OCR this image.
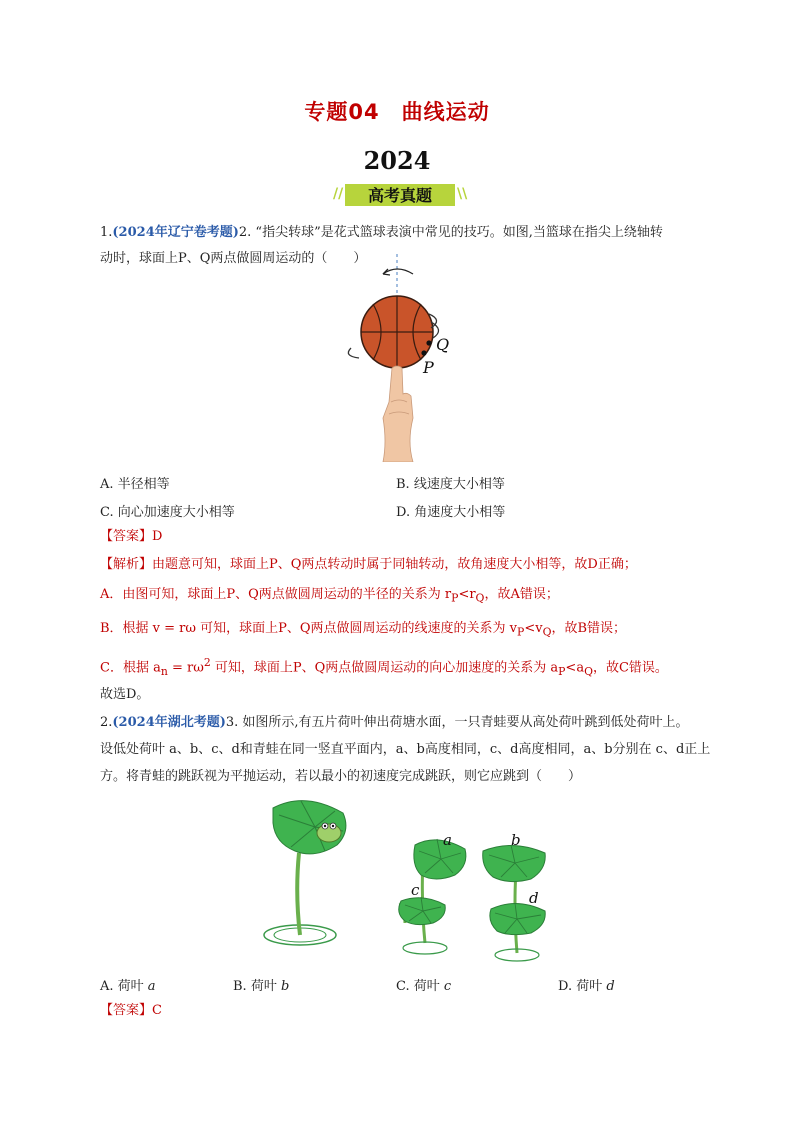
专题04　曲线运动
2024
//	高考真题	\\
1.(2024年辽宁卷考题)2. “指尖转球”是花式篮球表演中常见的技巧。如图,当篮球在指尖上绕轴转
动时，球面上P、Q两点做圆周运动的（　　）
Q
P
A. 半径相等	B. 线速度大小相等
C. 向心加速度大小相等	D. 角速度大小相等
【答案】D
【解析】由题意可知，球面上P、Q两点转动时属于同轴转动，故角速度大小相等，故D正确；
A．由图可知，球面上P、Q两点做圆周运动的半径的关系为 $r_P<r_Q$，故A错误；
B．根据 v = rω 可知，球面上P、Q两点做圆周运动的线速度的关系为 $v_P<v_Q$，故B错误；
C．根据 $a_n = r\omega^2$ 可知，球面上P、Q两点做圆周运动的向心加速度的关系为 $a_P<a_Q$，故C错误。
故选D。
2.(2024年湖北考题)3. 如图所示,有五片荷叶伸出荷塘水面，一只青蛙要从高处荷叶跳到低处荷叶上。
设低处荷叶 a、b、c、d和青蛙在同一竖直平面内，a、b高度相同，c、d高度相同，a、b分别在 c、d正上
方。将青蛙的跳跃视为平抛运动，若以最小的初速度完成跳跃，则它应跳到（　　）
a	b
c	d
A. 荷叶 a	B. 荷叶 b	C. 荷叶 c	D. 荷叶 d
【答案】C
